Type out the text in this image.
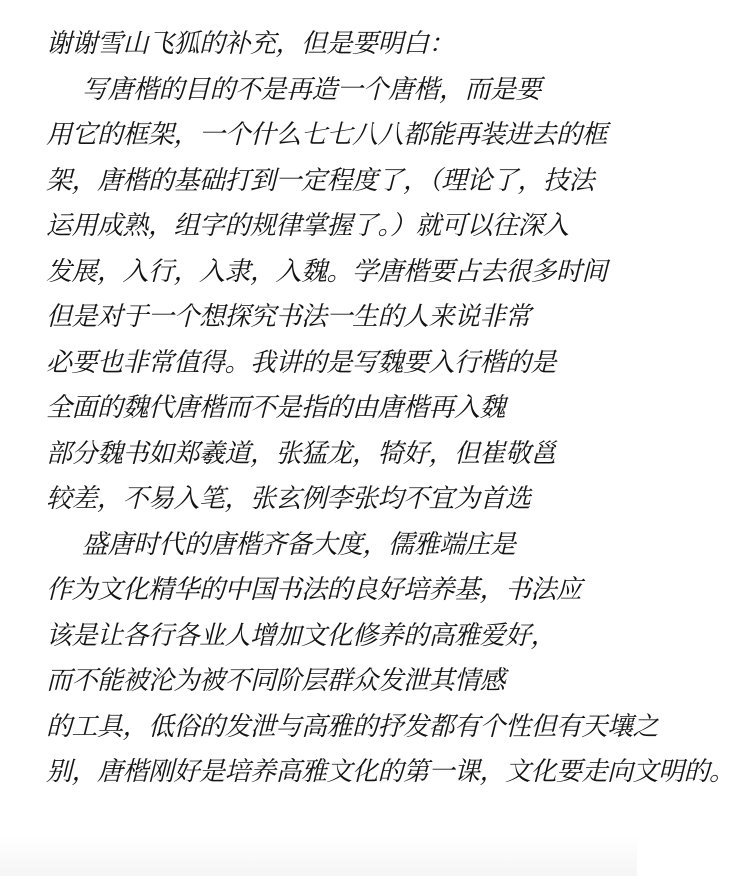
谢谢雪山飞狐的补充，但是要明白：
写唐楷的目的不是再造一个唐楷，而是要
用它的框架，一个什么七七八八都能再装进去的框
架，唐楷的基础打到一定程度了，（理论了，技法
运用成熟，组字的规律掌握了。）就可以往深入
发展，入行，入隶，入魏。学唐楷要占去很多时间
但是对于一个想探究书法一生的人来说非常
必要也非常值得。我讲的是写魏要入行楷的是
全面的魏代唐楷而不是指的由唐楷再入魏
部分魏书如郑羲道，张猛龙，犄好，但崔敬邕
较差，不易入笔，张玄例李张均不宜为首选
盛唐时代的唐楷齐备大度，儒雅端庄是
作为文化精华的中国书法的良好培养基，书法应
该是让各行各业人增加文化修养的高雅爱好，
而不能被沦为被不同阶层群众发泄其情感
的工具，低俗的发泄与高雅的抒发都有个性但有天壤之
别，唐楷刚好是培养高雅文化的第一课，文化要走向文明的。
